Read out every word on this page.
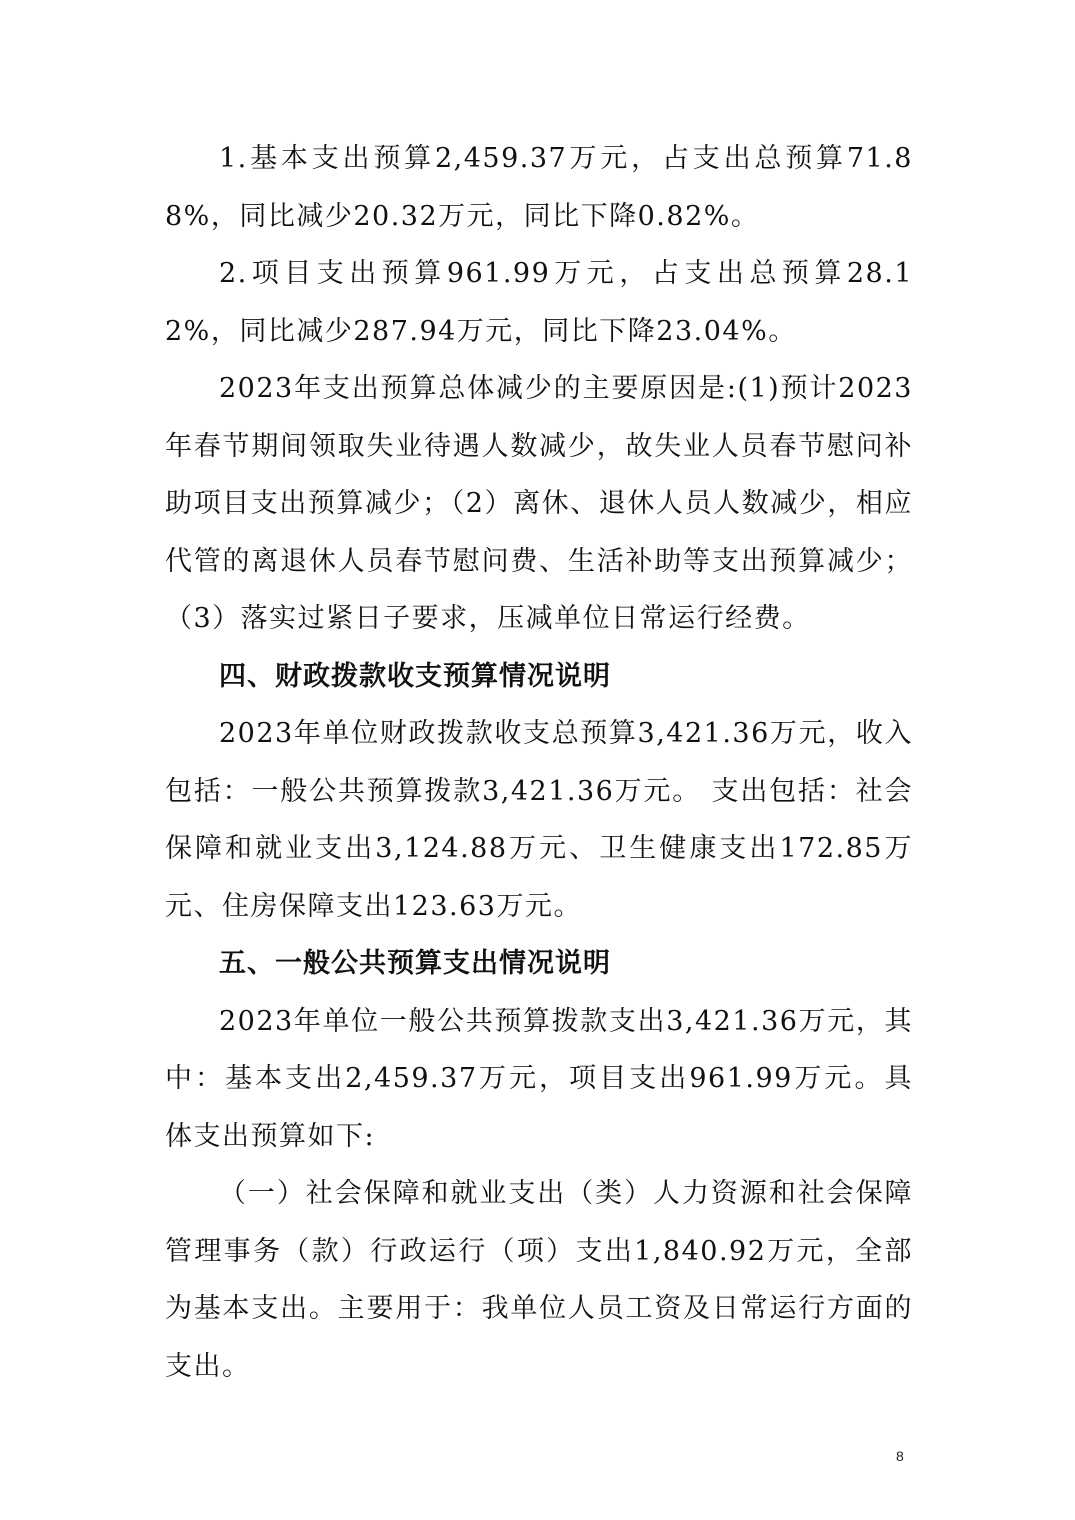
1.基本支出预算2,459.37万元，占支出总预算71.88%，同比减少20.32万元，同比下降0.82%。

2.项目支出预算961.99万元，占支出总预算28.12%，同比减少287.94万元，同比下降23.04%。

2023年支出预算总体减少的主要原因是:(1)预计2023年春节期间领取失业待遇人数减少，故失业人员春节慰问补助项目支出预算减少；（2）离休、退休人员人数减少，相应代管的离退休人员春节慰问费、生活补助等支出预算减少；（3）落实过紧日子要求，压减单位日常运行经费。

四、财政拨款收支预算情况说明

2023年单位财政拨款收支总预算3,421.36万元，收入包括：一般公共预算拨款3,421.36万元。 支出包括：社会保障和就业支出3,124.88万元、卫生健康支出172.85万元、住房保障支出123.63万元。

五、一般公共预算支出情况说明

2023年单位一般公共预算拨款支出3,421.36万元，其中：基本支出2,459.37万元，项目支出961.99万元。具体支出预算如下:

（一）社会保障和就业支出（类）人力资源和社会保障管理事务（款）行政运行（项）支出1,840.92万元，全部为基本支出。主要用于：我单位人员工资及日常运行方面的支出。

8
